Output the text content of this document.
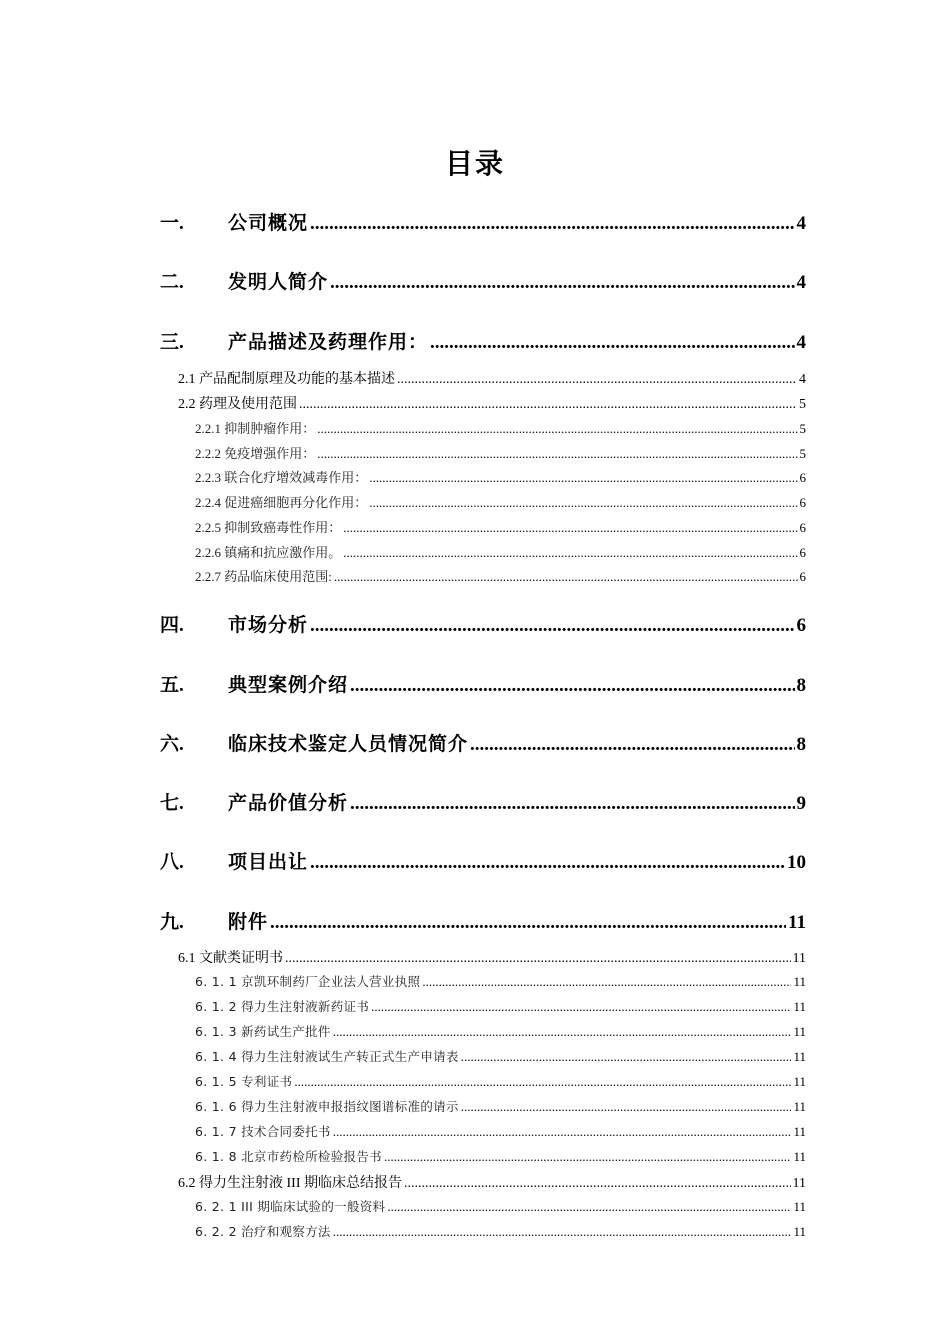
目录
一.	公司概况 .....	4
二.	发明人简介 .....	4
三.	产品描述及药理作用： .....	4
2.1 产品配制原理及功能的基本描述 .....	4
2.2 药理及使用范围 .....	5
2.2.1 抑制肿瘤作用： .....	5
2.2.2 免疫增强作用： .....	5
2.2.3 联合化疗增效减毒作用： .....	6
2.2.4 促进癌细胞再分化作用： .....	6
2.2.5 抑制致癌毒性作用： .....	6
2.2.6 镇痛和抗应激作用。 .....	6
2.2.7 药品临床使用范围: .....	6
四.	市场分析 .....	6
五.	典型案例介绍 .....	8
六.	临床技术鉴定人员情况简介 .....	8
七.	产品价值分析 .....	9
八.	项目出让 .....	10
九.	附件 .....	11
6.1 文献类证明书 .....	11
6. 1. 1 京凯环制药厂企业法人营业执照 .....	11
6. 1. 2 得力生注射液新药证书 .....	11
6. 1. 3 新药试生产批件 .....	11
6. 1. 4 得力生注射液试生产转正式生产申请表 .....	11
6. 1. 5 专利证书 .....	11
6. 1. 6 得力生注射液申报指纹图谱标准的请示 .....	11
6. 1. 7 技术合同委托书 .....	11
6. 1. 8 北京市药检所检验报告书 .....	11
6.2 得力生注射液 III 期临床总结报告 .....	11
6. 2. 1 III 期临床试验的一般资料 .....	11
6. 2. 2 治疗和观察方法 .....	11
